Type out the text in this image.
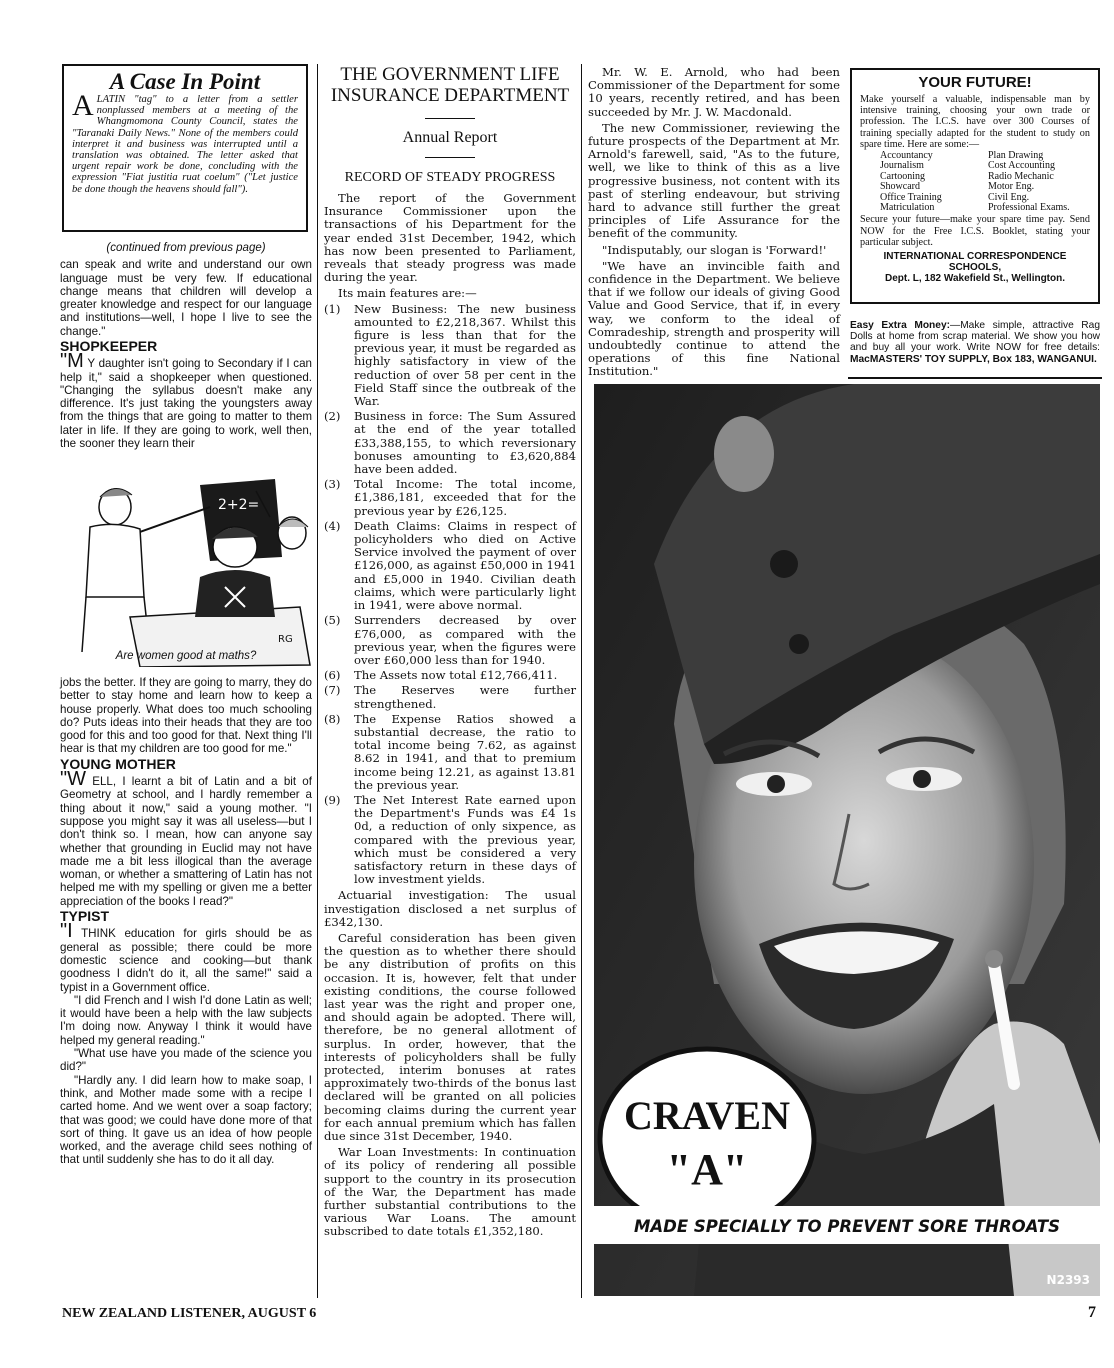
A Case In Point
ALATIN "tag" to a letter from a settler nonplussed members at a meeting of the Whangmomona County Council, states the "Taranaki Daily News." None of the members could interpret it and business was interrupted until a translation was obtained. The letter asked that urgent repair work be done, concluding with the expression "Fiat justitia ruat coelum" ("Let justice be done though the heavens should fall").

(continued from previous page)

can speak and write and understand our own language must be very few. If educational change means that children will develop a greater knowledge and respect for our language and institutions—well, I hope I live to see the change."

SHOPKEEPER

"M Y daughter isn't going to Secondary if I can help it," said a shopkeeper when questioned. "Changing the syllabus doesn't make any difference. It's just taking the youngsters away from the things that are going to matter to them later in life. If they are going to work, well then, the sooner they learn their

2+2=
RG
Are women good at maths?

jobs the better. If they are going to marry, they do better to stay home and learn how to keep a house properly. What does too much schooling do? Puts ideas into their heads that they are too good for this and too good for that. Next thing I'll hear is that my children are too good for me."

YOUNG MOTHER

"W ELL, I learnt a bit of Latin and a bit of Geometry at school, and I hardly remember a thing about it now," said a young mother. "I suppose you might say it was all useless—but I don't think so. I mean, how can anyone say whether that grounding in Euclid may not have made me a bit less illogical than the average woman, or whether a smattering of Latin has not helped me with my spelling or given me a better appreciation of the books I read?"

TYPIST

"I THINK education for girls should be as general as possible; there could be more domestic science and cooking—but thank goodness I didn't do it, all the same!" said a typist in a Government office.

"I did French and I wish I'd done Latin as well; it would have been a help with the law subjects I'm doing now. Anyway I think it would have helped my general reading."

"What use have you made of the science you did?"

"Hardly any. I did learn how to make soap, I think, and Mother made some with a recipe I carted home. And we went over a soap factory; that was good; we could have done more of that sort of thing. It gave us an idea of how people worked, and the average child sees nothing of that until suddenly she has to do it all day.

THE GOVERNMENT LIFE INSURANCE DEPARTMENT
Annual Report
RECORD OF STEADY PROGRESS

The report of the Government Insurance Commissioner upon the transactions of his Department for the year ended 31st December, 1942, which has now been presented to Parliament, reveals that steady progress was made during the year.

Its main features are:—

(1)	New Business: The new business amounted to £2,218,367. Whilst this figure is less than that for the previous year, it must be regarded as highly satisfactory in view of the reduction of over 58 per cent in the Field Staff since the outbreak of the War.
(2)	Business in force: The Sum Assured at the end of the year totalled £33,388,155, to which reversionary bonuses amounting to £3,620,884 have been added.
(3)	Total Income: The total income, £1,386,181, exceeded that for the previous year by £26,125.
(4)	Death Claims: Claims in respect of policyholders who died on Active Service involved the payment of over £126,000, as against £50,000 in 1941 and £5,000 in 1940. Civilian death claims, which were particularly light in 1941, were above normal.
(5)	Surrenders decreased by over £76,000, as compared with the previous year, when the figures were over £60,000 less than for 1940.
(6)	The Assets now total £12,766,411.
(7)	The Reserves were further strengthened.
(8)	The Expense Ratios showed a substantial decrease, the ratio to total income being 7.62, as against 8.62 in 1941, and that to premium income being 12.21, as against 13.81 the previous year.
(9)	The Net Interest Rate earned upon the Department's Funds was £4 1s 0d, a reduction of only sixpence, as compared with the previous year, which must be considered a very satisfactory return in these days of low investment yields.

Actuarial investigation: The usual investigation disclosed a net surplus of £342,130.

Careful consideration has been given the question as to whether there should be any distribution of profits on this occasion. It is, however, felt that under existing conditions, the course followed last year was the right and proper one, and should again be adopted. There will, therefore, be no general allotment of surplus. In order, however, that the interests of policyholders shall be fully protected, interim bonuses at rates approximately two-thirds of the bonus last declared will be granted on all policies becoming claims during the current year for each annual premium which has fallen due since 31st December, 1940.

War Loan Investments: In continuation of its policy of rendering all possible support to the country in its prosecution of the War, the Department has made further substantial contributions to the various War Loans. The amount subscribed to date totals £1,352,180.

Mr. W. E. Arnold, who had been Commissioner of the Department for some 10 years, recently retired, and has been succeeded by Mr. J. W. Macdonald.

The new Commissioner, reviewing the future prospects of the Department at Mr. Arnold's farewell, said, "As to the future, well, we like to think of this as a live progressive business, not content with its past of sterling endeavour, but striving hard to advance still further the great principles of Life Assurance for the benefit of the community.

"Indisputably, our slogan is 'Forward!'

"We have an invincible faith and confidence in the Department. We believe that if we follow our ideals of giving Good Value and Good Service, that if, in every way, we conform to the ideal of Comradeship, strength and prosperity will undoubtedly continue to attend the operations of this fine National Institution."

YOUR FUTURE!
Make yourself a valuable, indispensable man by intensive training, choosing your own trade or profession. The I.C.S. have over 300 Courses of training specially adapted for the student to study on spare time. Here are some:—
Accountancy	Plan Drawing
Journalism	Cost Accounting
Cartooning	Radio Mechanic
Showcard	Motor Eng.
Office Training	Civil Eng.
Matriculation	Professional Exams.
Secure your future—make your spare time pay. Send NOW for the Free I.C.S. Booklet, stating your particular subject.
INTERNATIONAL CORRESPONDENCE SCHOOLS,
Dept. L, 182 Wakefield St., Wellington.
Easy Extra Money:—Make simple, attractive Rag Dolls at home from scrap material. We show you how and buy all your work. Write NOW for free details: MacMASTERS' TOY SUPPLY, Box 183, WANGANUI.
CRAVEN
"A"
MADE SPECIALLY TO PREVENT SORE THROATS
N2393
NEW ZEALAND LISTENER, AUGUST 6	7
